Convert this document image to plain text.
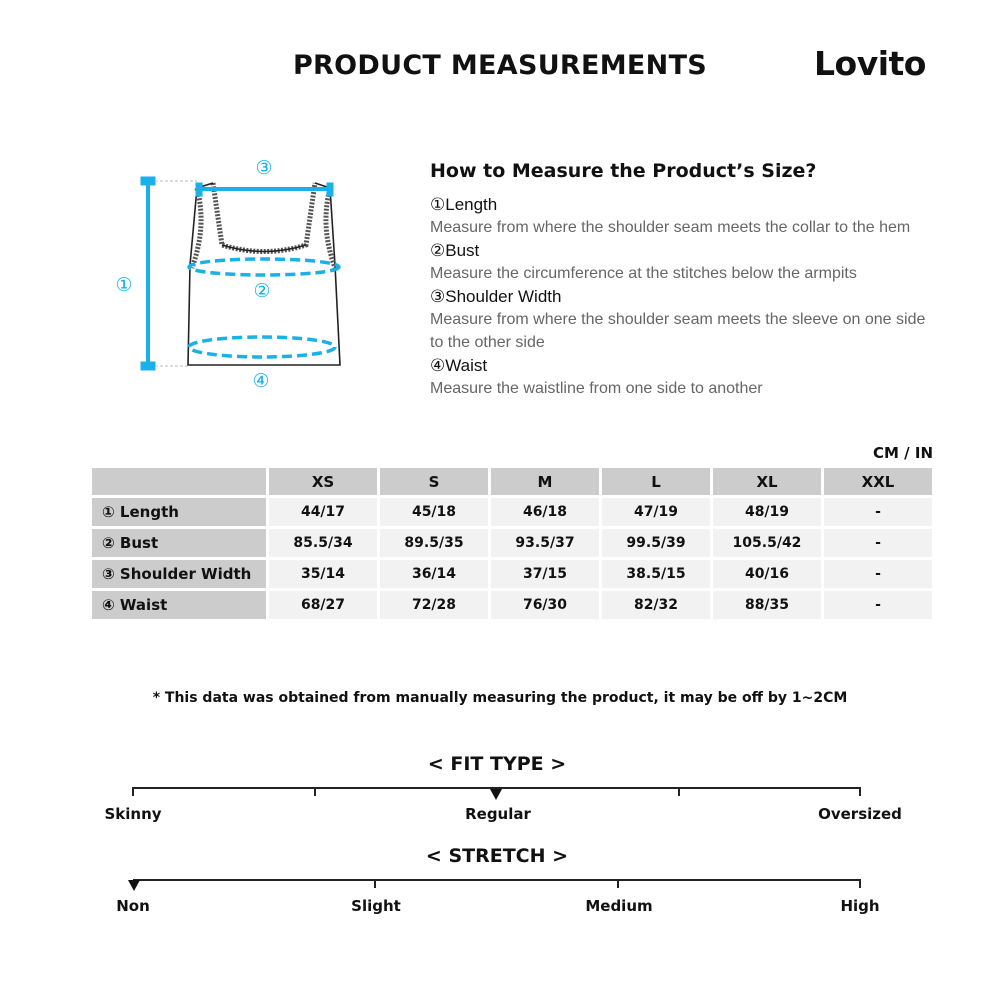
PRODUCT MEASUREMENTS	Lovito
①	②
③
④
How to Measure the Product’s Size?
①Length
Measure from where the shoulder seam meets the collar to the hem
②Bust
Measure the circumference at the stitches below the armpits
③Shoulder Width
Measure from where the shoulder seam meets the sleeve on one side to the other side
④Waist
Measure the waistline from one side to another
CM / IN
	XS	S	M	L	XL	XXL
① Length	44/17	45/18	46/18	47/19	48/19	-
② Bust	85.5/34	89.5/35	93.5/37	99.5/39	105.5/42	-
③ Shoulder Width	35/14	36/14	37/15	38.5/15	40/16	-
④ Waist	68/27	72/28	76/30	82/32	88/35	-
* This data was obtained from manually measuring the product, it may be off by 1~2CM
< FIT TYPE >
Skinny	Regular	Oversized
< STRETCH >
Non	Slight	Medium	High
